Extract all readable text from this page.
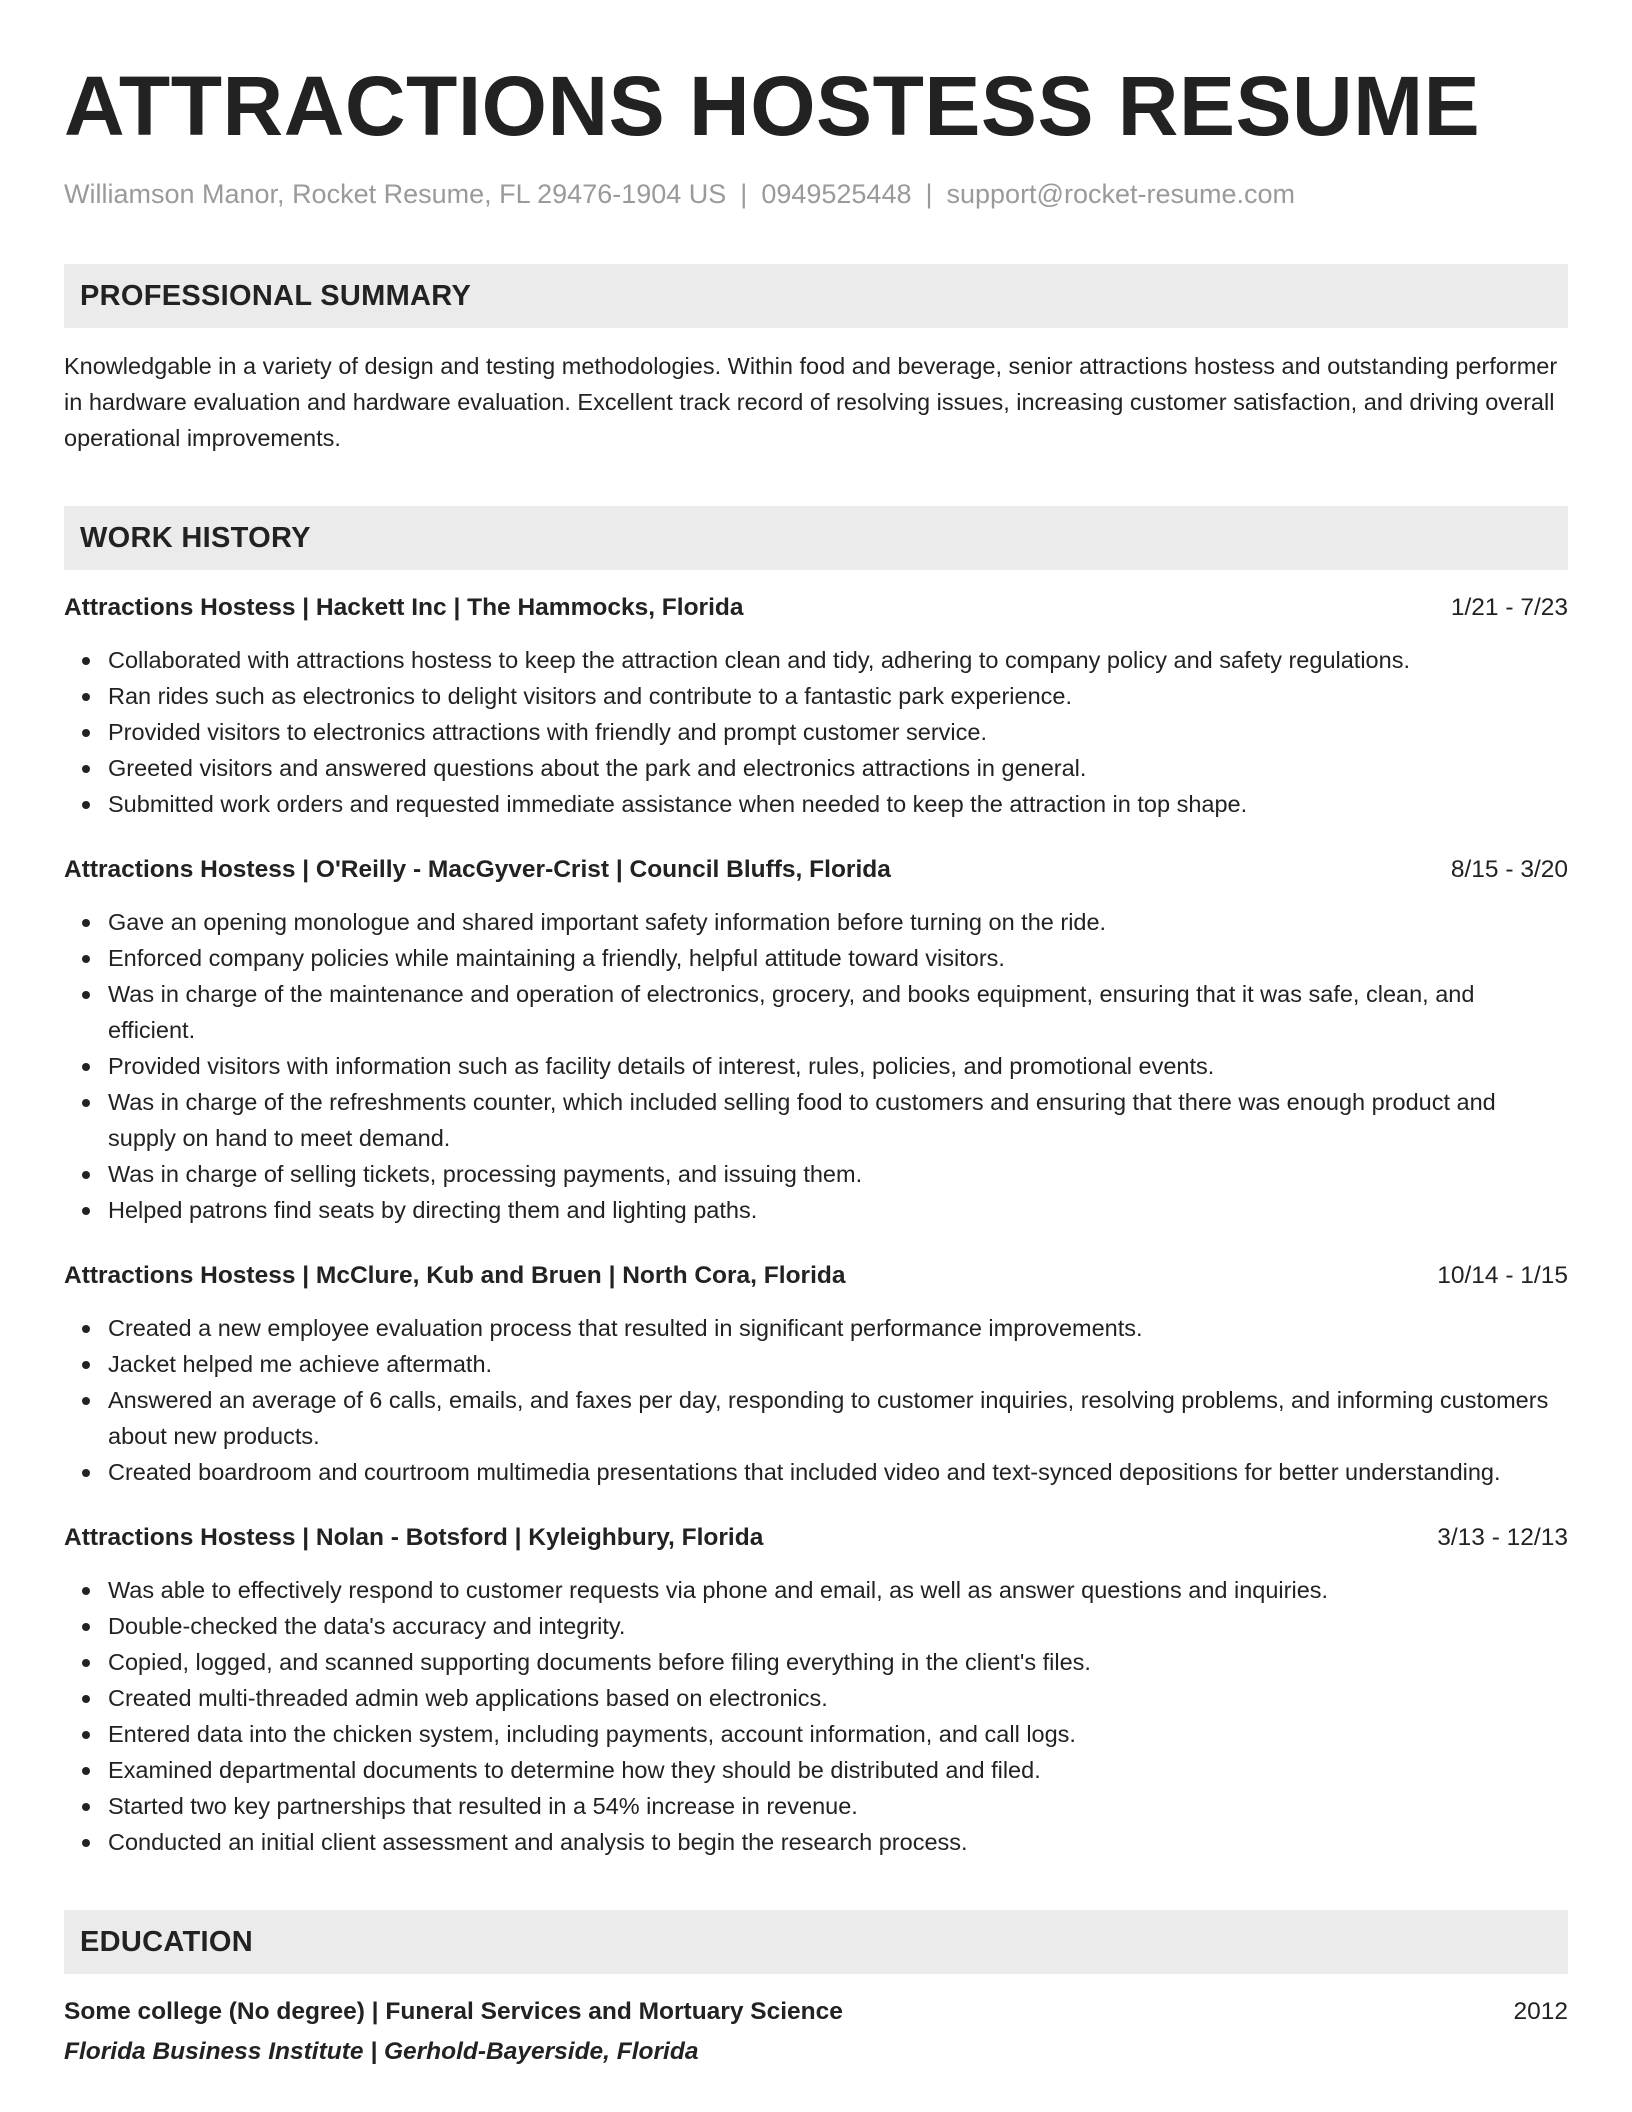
ATTRACTIONS HOSTESS RESUME
Williamson Manor, Rocket Resume, FL 29476-1904 US | 0949525448 | support@rocket-resume.com
PROFESSIONAL SUMMARY

Knowledgable in a variety of design and testing methodologies. Within food and beverage, senior attractions hostess and outstanding performer in hardware evaluation and hardware evaluation. Excellent track record of resolving issues, increasing customer satisfaction, and driving overall operational improvements.

WORK HISTORY
Attractions Hostess | Hackett Inc | The Hammocks, Florida	1/21 - 7/23
Collaborated with attractions hostess to keep the attraction clean and tidy, adhering to company policy and safety regulations.
Ran rides such as electronics to delight visitors and contribute to a fantastic park experience.
Provided visitors to electronics attractions with friendly and prompt customer service.
Greeted visitors and answered questions about the park and electronics attractions in general.
Submitted work orders and requested immediate assistance when needed to keep the attraction in top shape.
Attractions Hostess | O'Reilly - MacGyver-Crist | Council Bluffs, Florida	8/15 - 3/20
Gave an opening monologue and shared important safety information before turning on the ride.
Enforced company policies while maintaining a friendly, helpful attitude toward visitors.
Was in charge of the maintenance and operation of electronics, grocery, and books equipment, ensuring that it was safe, clean, and efficient.
Provided visitors with information such as facility details of interest, rules, policies, and promotional events.
Was in charge of the refreshments counter, which included selling food to customers and ensuring that there was enough product and supply on hand to meet demand.
Was in charge of selling tickets, processing payments, and issuing them.
Helped patrons find seats by directing them and lighting paths.
Attractions Hostess | McClure, Kub and Bruen | North Cora, Florida	10/14 - 1/15
Created a new employee evaluation process that resulted in significant performance improvements.
Jacket helped me achieve aftermath.
Answered an average of 6 calls, emails, and faxes per day, responding to customer inquiries, resolving problems, and informing customers about new products.
Created boardroom and courtroom multimedia presentations that included video and text-synced depositions for better understanding.
Attractions Hostess | Nolan - Botsford | Kyleighbury, Florida	3/13 - 12/13
Was able to effectively respond to customer requests via phone and email, as well as answer questions and inquiries.
Double-checked the data's accuracy and integrity.
Copied, logged, and scanned supporting documents before filing everything in the client's files.
Created multi-threaded admin web applications based on electronics.
Entered data into the chicken system, including payments, account information, and call logs.
Examined departmental documents to determine how they should be distributed and filed.
Started two key partnerships that resulted in a 54% increase in revenue.
Conducted an initial client assessment and analysis to begin the research process.
EDUCATION
Some college (No degree) | Funeral Services and Mortuary Science	2012
Florida Business Institute | Gerhold-Bayerside, Florida
